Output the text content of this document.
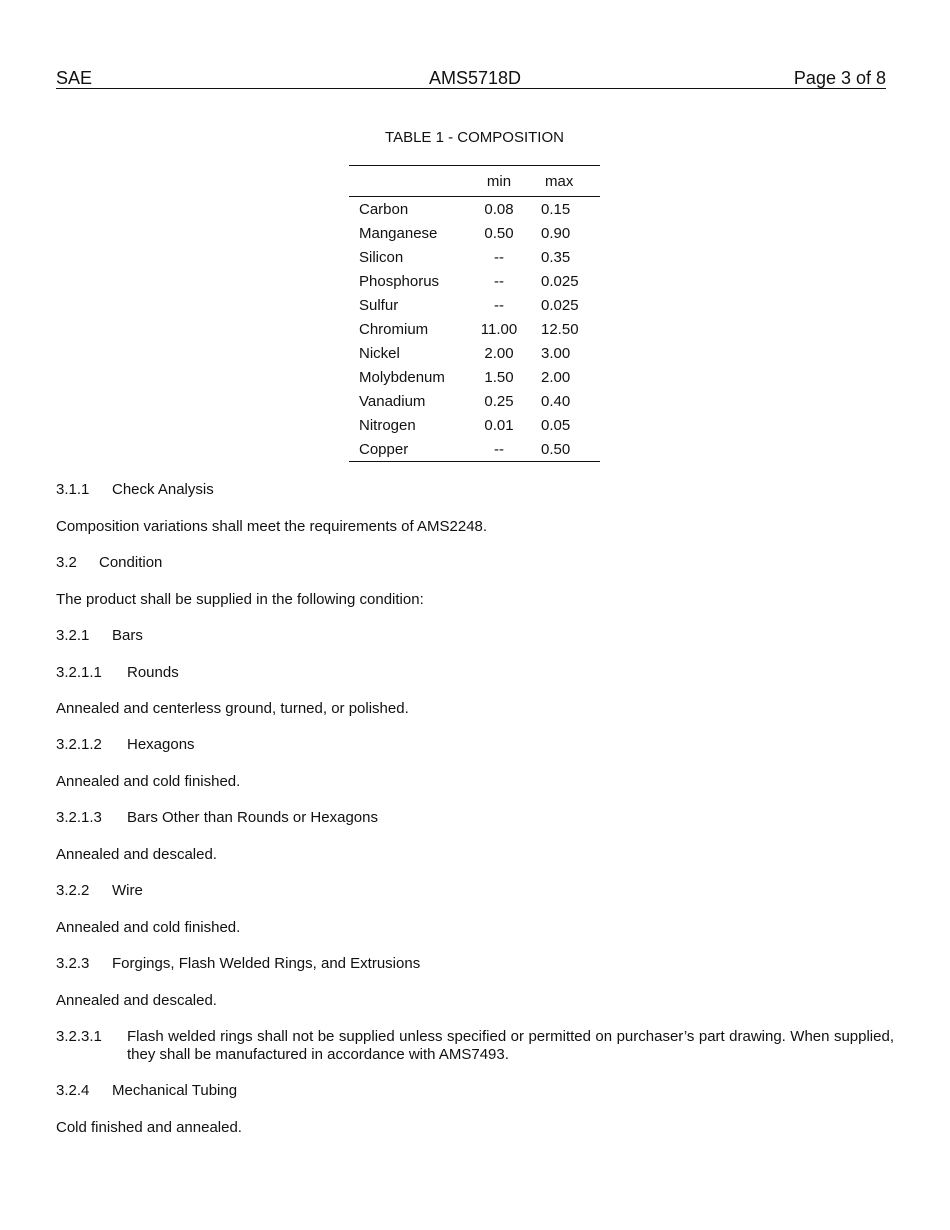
SAE	AMS5718D	Page 3 of 8
TABLE 1 - COMPOSITION
	min	max
Carbon	0.08	0.15
Manganese	0.50	0.90
Silicon	--	0.35
Phosphorus	--	0.025
Sulfur	--	0.025
Chromium	11.00	12.50
Nickel	2.00	3.00
Molybdenum	1.50	2.00
Vanadium	0.25	0.40
Nitrogen	0.01	0.05
Copper	--	0.50
3.1.1 Check Analysis
Composition variations shall meet the requirements of AMS2248.
3.2 Condition
The product shall be supplied in the following condition:
3.2.1 Bars
3.2.1.1 Rounds
Annealed and centerless ground, turned, or polished.
3.2.1.2 Hexagons
Annealed and cold finished.
3.2.1.3 Bars Other than Rounds or Hexagons
Annealed and descaled.
3.2.2 Wire
Annealed and cold finished.
3.2.3 Forgings, Flash Welded Rings, and Extrusions
Annealed and descaled.
3.2.3.1 Flash welded rings shall not be supplied unless specified or permitted on purchaser’s part drawing. When supplied, they shall be manufactured in accordance with AMS7493.
3.2.4 Mechanical Tubing
Cold finished and annealed.
